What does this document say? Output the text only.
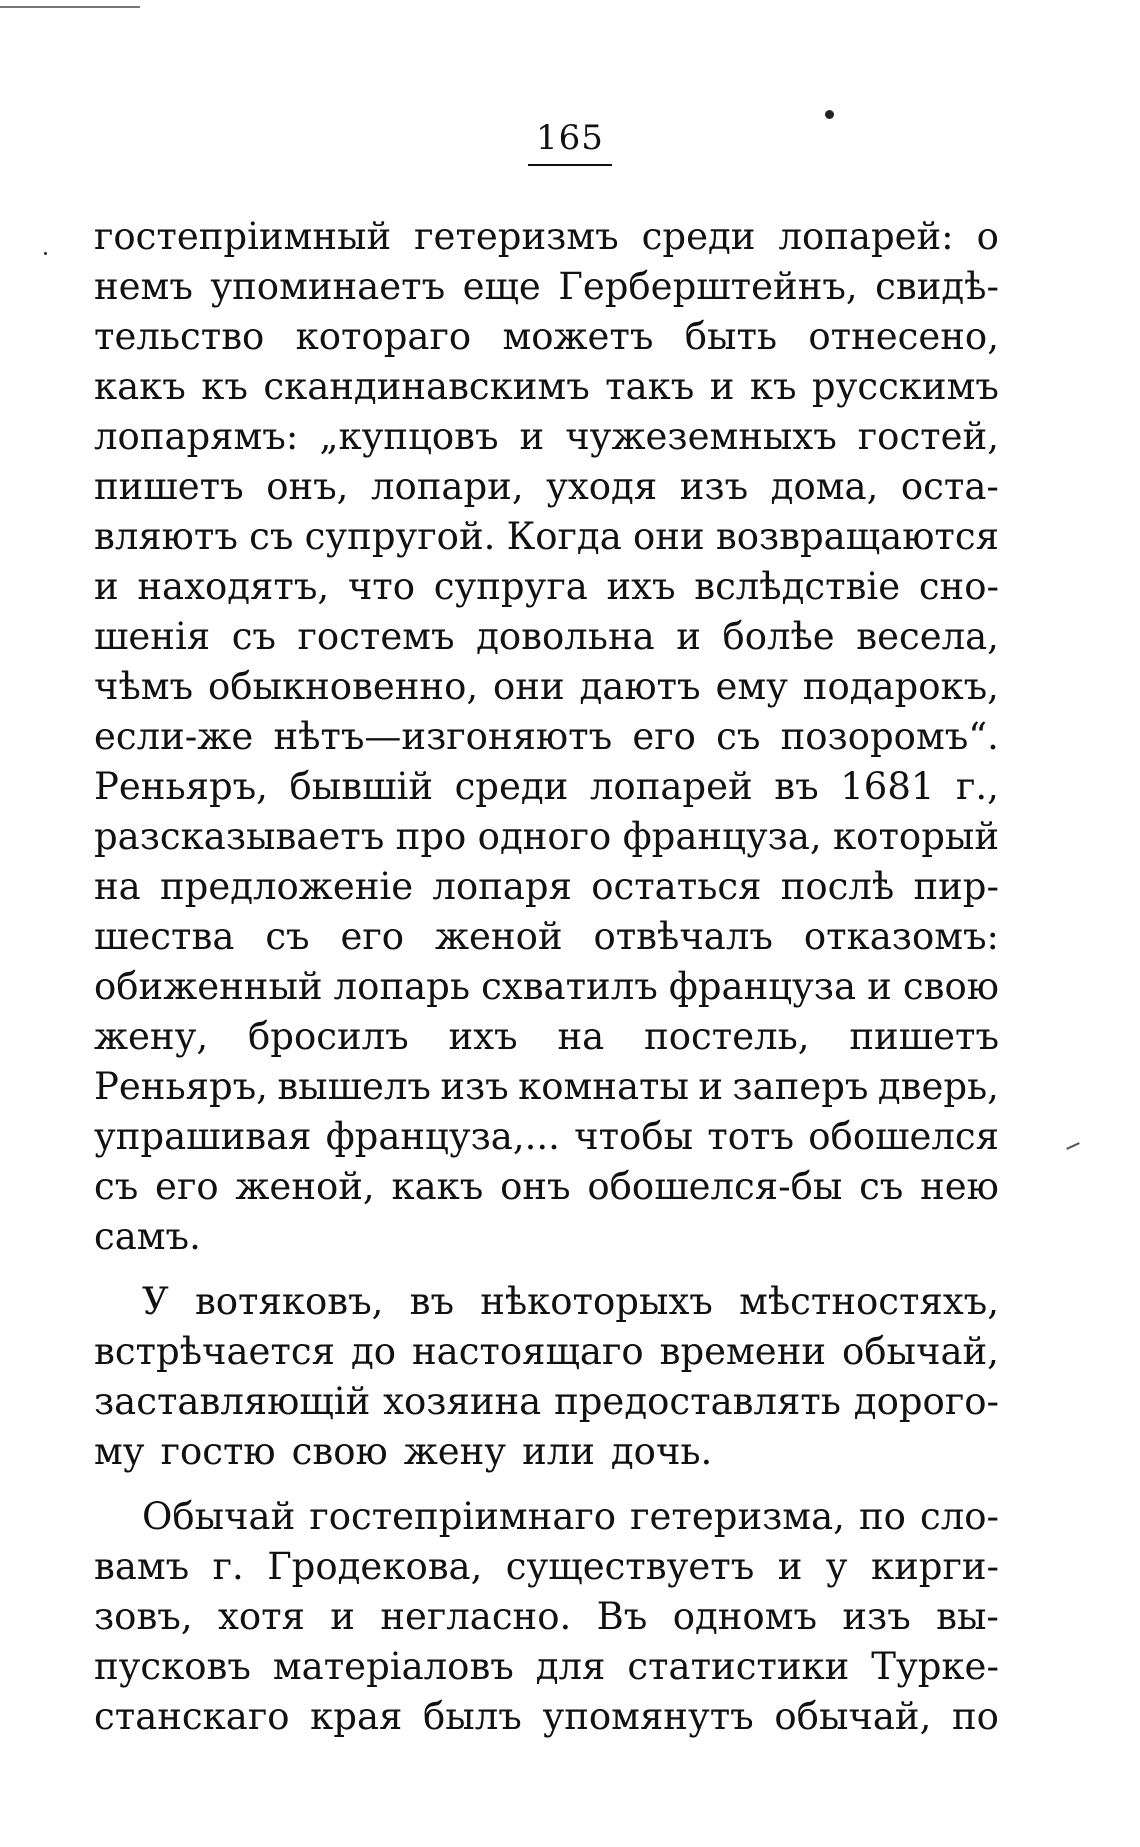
165
гостепріимный гетеризмъ среди лопарей: о
немъ упоминаетъ еще Герберштейнъ, свидѣ-
тельство котораго можетъ быть отнесено,
какъ къ скандинавскимъ такъ и къ русскимъ
лопарямъ: „купцовъ и чужеземныхъ гостей,
пишетъ онъ, лопари, уходя изъ дома, оста-
вляютъ съ супругой. Когда они возвращаются
и находятъ, что супруга ихъ вслѣдствіе сно-
шенія съ гостемъ довольна и болѣе весела,
чѣмъ обыкновенно, они даютъ ему подарокъ,
если-же нѣтъ—изгоняютъ его съ позоромъ“.
Реньяръ, бывшій среди лопарей въ 1681 г.,
разсказываетъ про одного француза, который
на предложеніе лопаря остаться послѣ пир-
шества съ его женой отвѣчалъ отказомъ:
обиженный лопарь схватилъ француза и свою
жену, бросилъ ихъ на постель, пишетъ
Реньяръ, вышелъ изъ комнаты и заперъ дверь,
упрашивая француза,... чтобы тотъ обошелся
съ его женой, какъ онъ обошелся-бы съ нею
самъ.
У вотяковъ, въ нѣкоторыхъ мѣстностяхъ,
встрѣчается до настоящаго времени обычай,
заставляющій хозяина предоставлять дорого-
му гостю свою жену или дочь.
Обычай гостепріимнаго гетеризма, по сло-
вамъ г. Гродекова, существуетъ и у кирги-
зовъ, хотя и негласно. Въ одномъ изъ вы-
пусковъ матеріаловъ для статистики Турке-
станскаго края былъ упомянутъ обычай, по
